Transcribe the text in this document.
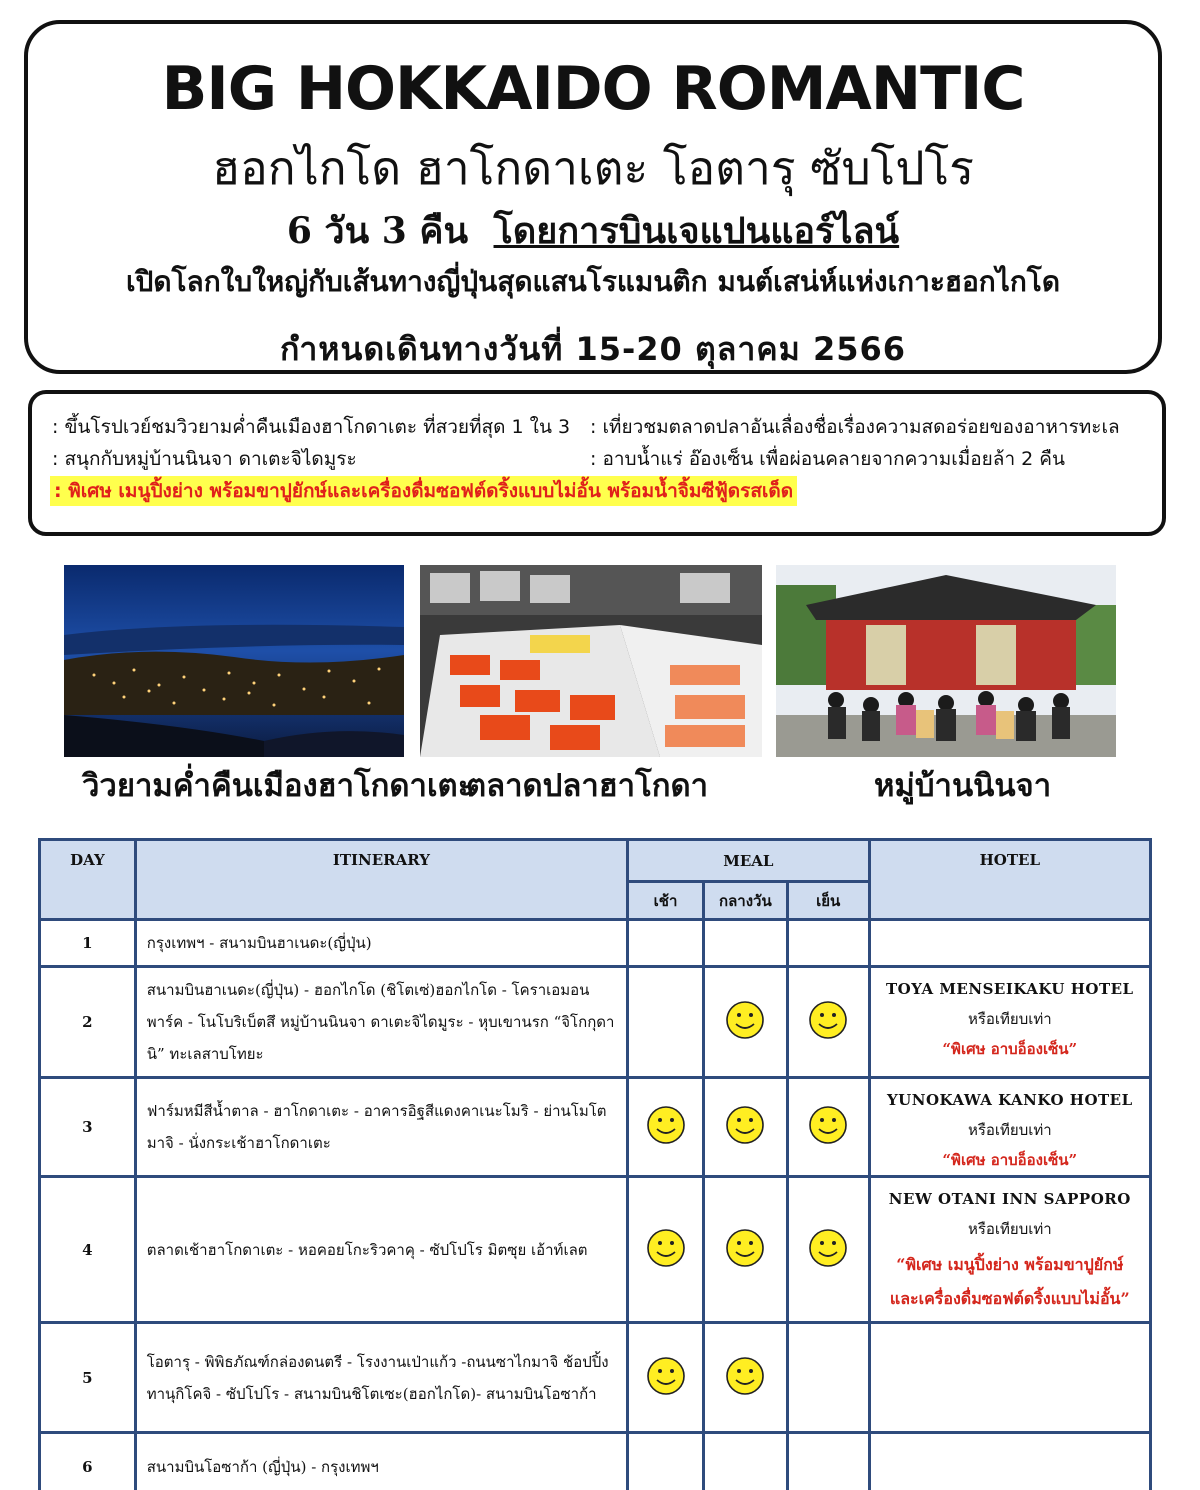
BIG HOKKAIDO ROMANTIC
ฮอกไกโด ฮาโกดาเตะ โอตารุ ซับโปโร
6 วัน 3 คืน โดยการบินเจแปนแอร์ไลน์
เปิดโลกใบใหญ่กับเส้นทางญี่ปุ่นสุดแสนโรแมนติก มนต์เสน่ห์แห่งเกาะฮอกไกโด
กำหนดเดินทางวันที่ 15-20 ตุลาคม 2566
: ขึ้นโรปเวย์ชมวิวยามค่ำคืนเมืองฮาโกดาเตะ ที่สวยที่สุด 1 ใน 3 : เที่ยวชมตลาดปลาอันเลื่องชื่อเรื่องความสดอร่อยของอาหารทะเล
: สนุกกับหมู่บ้านนินจา ดาเตะจิไดมูระ	: อาบน้ำแร่ อ๊องเซ็น เพื่อผ่อนคลายจากความเมื่อยล้า 2 คืน
: พิเศษ เมนูปิ้งย่าง พร้อมขาปูยักษ์และเครื่องดื่มซอฟต์ดริ้งแบบไม่อั้น พร้อมน้ำจิ้มซีฟู้ดรสเด็ด
วิวยามค่ำคืนเมืองฮาโกดาเตะ
ตลาดปลาฮาโกดา	หมู่บ้านนินจา
DAY	ITINERARY	MEAL			HOTEL
		เช้า	กลางวัน	เย็น	
1	กรุงเทพฯ - สนามบินฮาเนดะ(ญี่ปุ่น)				
2	สนามบินฮาเนดะ(ญี่ปุ่น) - ฮอกไกโด (ชิโตเซ่)ฮอกไกโด - โคราเอมอน พาร์ค - โนโบริเบ็ตสึ หมู่บ้านนินจา ดาเตะจิไดมูระ - หุบเขานรก “จิโกกุดานิ” ทะเลสาบโทยะ				TOYA MENSEIKAKU HOTEL
หรือเทียบเท่า
“พิเศษ อาบอ็องเซ็น”

3	ฟาร์มหมีสีน้ำตาล - ฮาโกดาเตะ - อาคารอิฐสีแดงคาเนะโมริ - ย่านโมโตมาจิ - นั่งกระเช้าฮาโกดาเตะ				YUNOKAWA KANKO HOTEL
หรือเทียบเท่า
“พิเศษ อาบอ็องเซ็น”

4	ตลาดเช้าฮาโกดาเตะ - หอคอยโกะริวคาคุ - ซัปโปโร มิตซุย เอ้าท์เลต				NEW OTANI INN SAPPORO
หรือเทียบเท่า
“พิเศษ เมนูปิ้งย่าง พร้อมขาปูยักษ์ และเครื่องดื่มซอฟต์ดริ้งแบบไม่อั้น”

5	โอตารุ - พิพิธภัณฑ์กล่องดนตรี - โรงงานเป่าแก้ว -ถนนซาไกมาจิ ช้อปปิ้งทานุกิโคจิ - ซัปโปโร - สนามบินชิโตเซะ(ฮอกไกโด)- สนามบินโอซาก้า				
6	สนามบินโอซาก้า (ญี่ปุ่น) - กรุงเทพฯ				
